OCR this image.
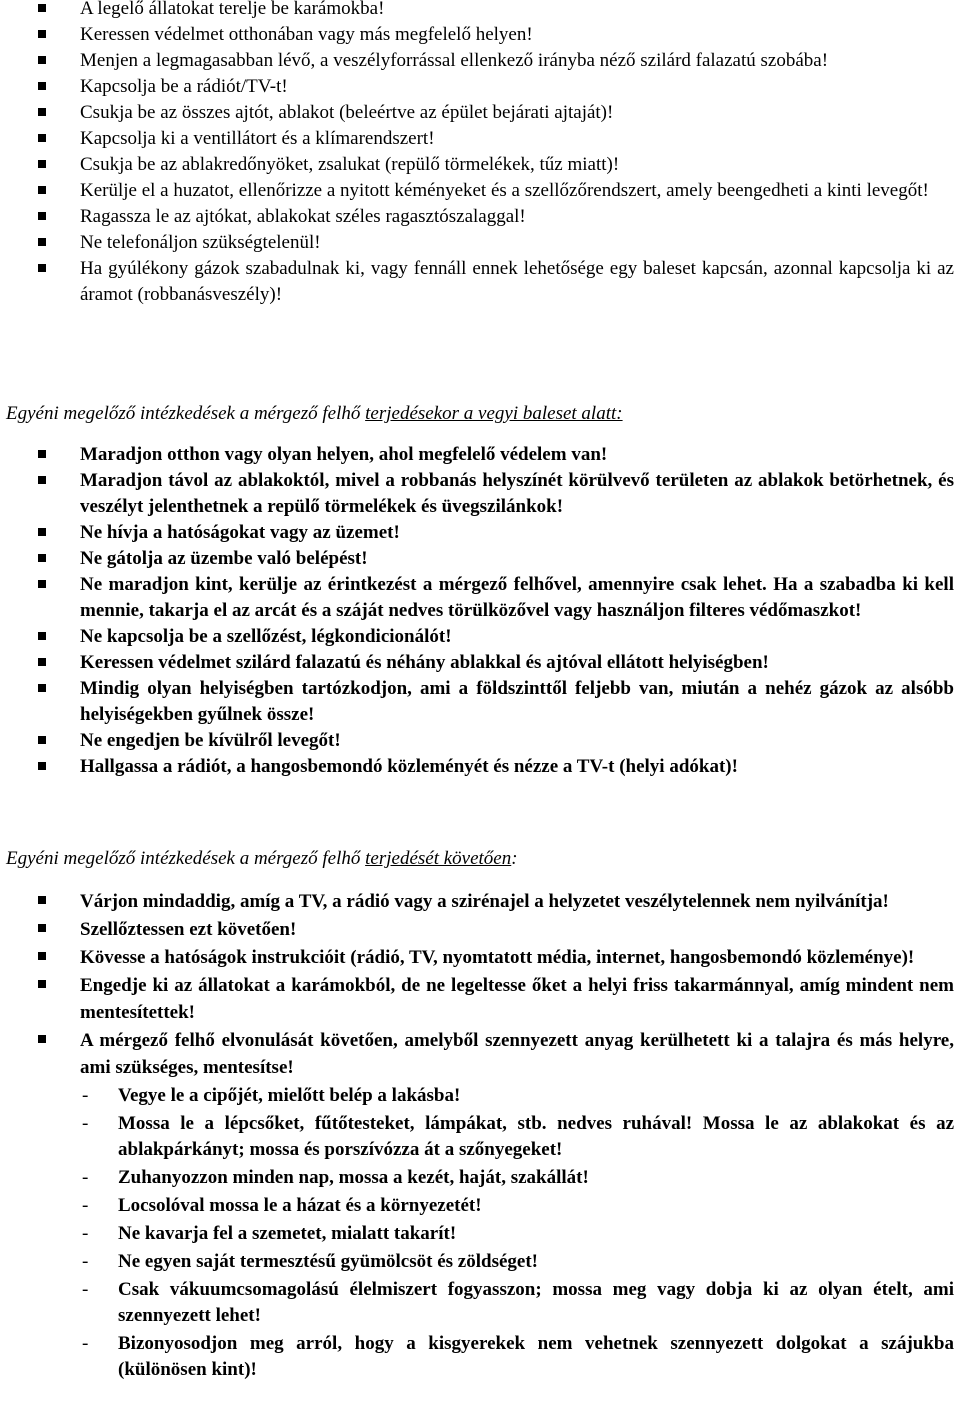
A legelő állatokat terelje be karámokba!
Keressen védelmet otthonában vagy más megfelelő helyen!
Menjen a legmagasabban lévő, a veszélyforrással ellenkező irányba néző szilárd falazatú szobába!
Kapcsolja be a rádiót/TV-t!
Csukja be az összes ajtót, ablakot (beleértve az épület bejárati ajtaját)!
Kapcsolja ki a ventillátort és a klímarendszert!
Csukja be az ablakredőnyöket, zsalukat (repülő törmelékek, tűz miatt)!
Kerülje el a huzatot, ellenőrizze a nyitott kéményeket és a szellőzőrendszert, amely beengedheti a kinti levegőt!
Ragassza le az ajtókat, ablakokat széles ragasztószalaggal!
Ne telefonáljon szükségtelenül!
Ha gyúlékony gázok szabadulnak ki, vagy fennáll ennek lehetősége egy baleset kapcsán, azonnal kapcsolja ki az áramot (robbanásveszély)!
Egyéni megelőző intézkedések a mérgező felhő terjedésekor a vegyi baleset alatt:
Maradjon otthon vagy olyan helyen, ahol megfelelő védelem van!
Maradjon távol az ablakoktól, mivel a robbanás helyszínét körülvevő területen az ablakok betörhetnek, és veszélyt jelenthetnek a repülő törmelékek és üvegszilánkok!
Ne hívja a hatóságokat vagy az üzemet!
Ne gátolja az üzembe való belépést!
Ne maradjon kint, kerülje az érintkezést a mérgező felhővel, amennyire csak lehet. Ha a szabadba ki kell mennie, takarja el az arcát és a száját nedves törülközővel vagy használjon filteres védőmaszkot!
Ne kapcsolja be a szellőzést, légkondicionálót!
Keressen védelmet szilárd falazatú és néhány ablakkal és ajtóval ellátott helyiségben!
Mindig olyan helyiségben tartózkodjon, ami a földszinttől feljebb van, miután a nehéz gázok az alsóbb helyiségekben gyűlnek össze!
Ne engedjen be kívülről levegőt!
Hallgassa a rádiót, a hangosbemondó közleményét és nézze a TV-t (helyi adókat)!
Egyéni megelőző intézkedések a mérgező felhő terjedését követően:
Várjon mindaddig, amíg a TV, a rádió vagy a szirénajel a helyzetet veszélytelennek nem nyilvánítja!
Szellőztessen ezt követően!
Kövesse a hatóságok instrukcióit (rádió, TV, nyomtatott média, internet, hangosbemondó közleménye)!
Engedje ki az állatokat a karámokból, de ne legeltesse őket a helyi friss takarmánnyal, amíg mindent nem mentesítettek!
A mérgező felhő elvonulását követően, amelyből szennyezett anyag kerülhetett ki a talajra és más helyre, ami szükséges, mentesítse!
- Vegye le a cipőjét, mielőtt belép a lakásba!
- Mossa le a lépcsőket, fűtőtesteket, lámpákat, stb. nedves ruhával! Mossa le az ablakokat és az ablakpárkányt; mossa és porszívózza át a szőnyegeket!
- Zuhanyozzon minden nap, mossa a kezét, haját, szakállát!
- Locsolóval mossa le a házat és a környezetét!
- Ne kavarja fel a szemetet, mialatt takarít!
- Ne egyen saját termesztésű gyümölcsöt és zöldséget!
- Csak vákuumcsomagolású élelmiszert fogyasszon; mossa meg vagy dobja ki az olyan ételt, ami szennyezett lehet!
- Bizonyosodjon meg arról, hogy a kisgyerekek nem vehetnek szennyezett dolgokat a szájukba (különösen kint)!
